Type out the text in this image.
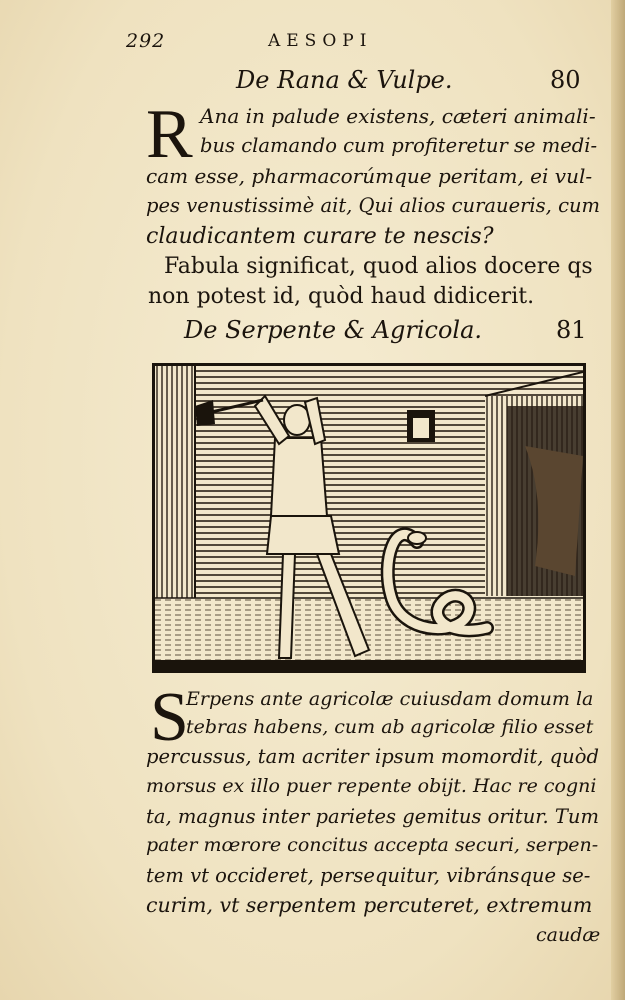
292	AESOPI
De Rana & Vulpe.	80
R Ana in palude existens, cæteri animali-
bus clamando cum profiteretur se medi-
cam esse, pharmacorúmque peritam, ei vul-
pes venustissimè ait, Qui alios curaueris, cum
claudicantem curare te nescis?
Fabula significat, quod alios docere qs
non potest id, quòd haud didicerit.
De Serpente & Agricola.	81
S
Erpens ante agricolæ cuiusdam domum la
tebras habens, cum ab agricolæ filio esset
percussus, tam acriter ipsum momordit, quòd
morsus ex illo puer repente obijt. Hac re cogni
ta, magnus inter parietes gemitus oritur. Tum
pater mœrore concitus accepta securi, serpen-
tem vt occideret, persequitur, vibránsque se-
curim, vt serpentem percuteret, extremum
caudæ
